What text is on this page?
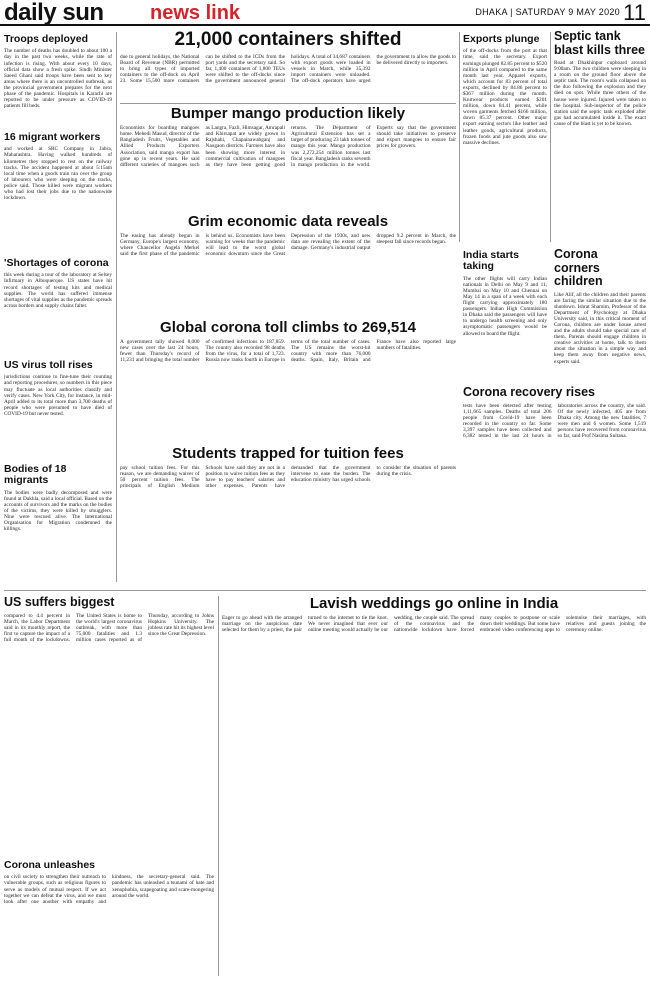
daily sun news link	DHAKA | SATURDAY 9 MAY 2020 11
Troops deployed
The number of deaths has doubled to about 100 a day in the past two weeks, while the rate of infection is rising. With about every 10 days, official data show a fresh spike. Sindh Minister Saeed Ghani said troops have been sent to key areas where there is an uncontrolled outbreak, as the provincial government prepares for the next phase of the pandemic. Hospitals in Karachi are reported to be under pressure as COVID-19 patients fill beds.
16 migrant workers
and worked at SRC Company in Jabra, Maharashtra. Having walked hundreds of kilometres they stopped to rest on the railway tracks. The accident happened at about 5:15am local time when a goods train ran over the group of labourers who were sleeping on the tracks, police said. Those killed were migrant workers who had lost their jobs due to the nationwide lockdown.
'Shortages of corona
this week during a tour of the laboratory at Selsey Infirmary in Albuquerque. US states have hit record shortages of testing kits and medical supplies. The world has suffered immense shortages of vital supplies as the pandemic spreads across borders and supply chains falter.
US virus toll rises
jurisdictions continue to fine-tune their counting and reporting procedures, so numbers in this piece may fluctuate as local authorities classify and verify cases. New York City, for instance, in mid-April added to its total more than 3,700 deaths of people who were presumed to have died of COVID-19 but never tested.
Bodies of 18 migrants
The bodies were badly decomposed and were found at Dakhla, said a local official. Based on the accounts of survivors and the marks on the bodies of the victims, they were killed by smugglers. Nine were rescued alive. The International Organisation for Migration condemned the killings.
21,000 containers shifted
due to general holidays, the National Board of Revenue (NBR) permitted to bring all types of imported containers to the off-dock on April 23. Some 15,500 more containers can be shifted to the ICDs from the port yards and the secretary said. So far, 1,400 containers of 1,800 TEUs were shifted to the off-docks since the government announced general holidays. A total of 34,687 containers with export goods were loaded in vessels in March, while 35,392 import containers were unloaded. The off-dock operators have urged the government to allow the goods to be delivered directly to importers.
Bumper mango production likely
Economists for boarding mangoes home. Mehedi Masud, director of the Bangladesh Fruits, Vegetables and Allied Products Exporters Association, said mango export has gone up in recent years. He said different varieties of mangoes such as Langra, Fazli, Himsagar, Amrapali and Khirsapat are widely grown in Rajshahi, Chapainawabganj and Naogaon districts. Farmers have also been showing more interest in commercial cultivation of mangoes as they have been getting good returns. The Department of Agricultural Extension has set a target of producing 23 lakh tonnes of mango this year. Mango production was 2,272,254 million tonnes last fiscal year. Bangladesh ranks seventh in mango production in the world. Experts say that the government should take initiatives to preserve and export mangoes to ensure fair prices for growers.
Exports plunge
of the off-docks from the port at that time, said the secretary. Export earnings plunged 82.85 percent to $520 million in April compared to the same month last year. Apparel exports, which account for 83 percent of total exports, declined by 84.86 percent to $367 million during the month. Knitwear products earned $201 million, down 84.41 percent, while woven garments fetched $166 million, down 85.37 percent. Other major export earning sectors like leather and leather goods, agricultural products, frozen foods and jute goods also saw massive declines.
Septic tank blast kills three
Road at Dhakhinpur cupboard around 9:00am. The two children were sleeping in a room on the ground floor above the septic tank. The room's walls collapsed on the duo following the explosion and they died on spot. While three others of the house were injured. Injured were taken to the hospital. Sub-inspector of the police station said the septic tank exploded after gas had accumulated inside it. The exact cause of the blast is yet to be known.
India starts taking
The other flights will carry Indian nationals in Delhi on May 9 and 11, Mumbai on May 10 and Chennai on May 14 in a span of a week with each flight carrying approximately 180 passengers. Indian High Commission in Dhaka said the passengers will have to undergo health screening and only asymptomatic passengers would be allowed to board the flight.
Corona corners children
Like Alif, all the children and their parents are facing the similar situation due to the shutdown. Ishrat Shamim, Professor of the Department of Psychology at Dhaka University said, in this critical moment of Corona, children are under house arrest and the adults should take special care of them. Parents should engage children in creative activities at home, talk to them about the situation in a simple way and keep them away from negative news, experts said.
Grim economic data reveals
The easing has already begun in Germany, Europe's largest economy, where Chancellor Angela Merkel said the first phase of the pandemic is behind us. Economists have been warning for weeks that the pandemic will lead to the worst global economic downturn since the Great Depression of the 1930s, and new data are revealing the extent of the damage. Germany's industrial output dropped 9.2 percent in March, the steepest fall since records began.
Global corona toll climbs to 269,514
A government tally showed 8,000 new cases over the last 24 hours, fewer than Thursday's record of 11,231 and bringing the total number of confirmed infections to 187,859. The country also recorded 98 deaths from the virus, for a total of 1,723. Russia now ranks fourth in Europe in terms of the total number of cases. The US remains the worst-hit country with more than 76,000 deaths. Spain, Italy, Britain and France have also reported large numbers of fatalities.
Corona recovery rises
tests have been detected after testing 1,11,665 samples. Deaths of total 206 people from Covid-19 have been recorded in the country so far. Some 3,397 samples have been collected and 6,382 tested in the last 24 hours in laboratories across the country, she said. Of the newly infected, 405 are from Dhaka city. Among the new fatalities, 7 were men and 6 women. Some 1,519 persons have recovered from coronavirus so far, said Prof Nasima Sultana.
Students trapped for tuition fees
pay school tuition fees. For this reason, we are demanding waiver of 50 percent tuition fees. The principals of English Medium Schools have said they are not in a position to waive tuition fees as they have to pay teachers' salaries and other expenses. Parents have demanded that the government intervene to ease the burden. The education ministry has urged schools to consider the situation of parents during the crisis.
US suffers biggest
compared to 4.4 percent in March, the Labor Department said in its monthly report, the first to capture the impact of a full month of the lockdowns. The United States is home to the world's largest coronavirus outbreak, with more than 75,000 fatalities and 1.3 million cases reported as of Thursday, according to Johns Hopkins University. The jobless rate hit its highest level since the Great Depression.
Lavish weddings go online in India
Eager to go ahead with the arranged marriage on the auspicious date selected for them by a priest, the pair turned to the internet to tie the knot. We never imagined that ever our online meeting would actually be our wedding, the couple said. The spread of the coronavirus and the nationwide lockdown have forced many couples to postpone or scale down their weddings. But some have embraced video conferencing apps to solemnise their marriages, with relatives and guests joining the ceremony online.
Corona unleashes
on civil society to strengthen their outreach to vulnerable groups, such as religious figures to serve as models of mutual respect. If we act together we can defeat the virus, and we must look after one another with empathy and kindness, the secretary-general said. The pandemic has unleashed a tsunami of hate and xenophobia, scapegoating and scare-mongering around the world.
